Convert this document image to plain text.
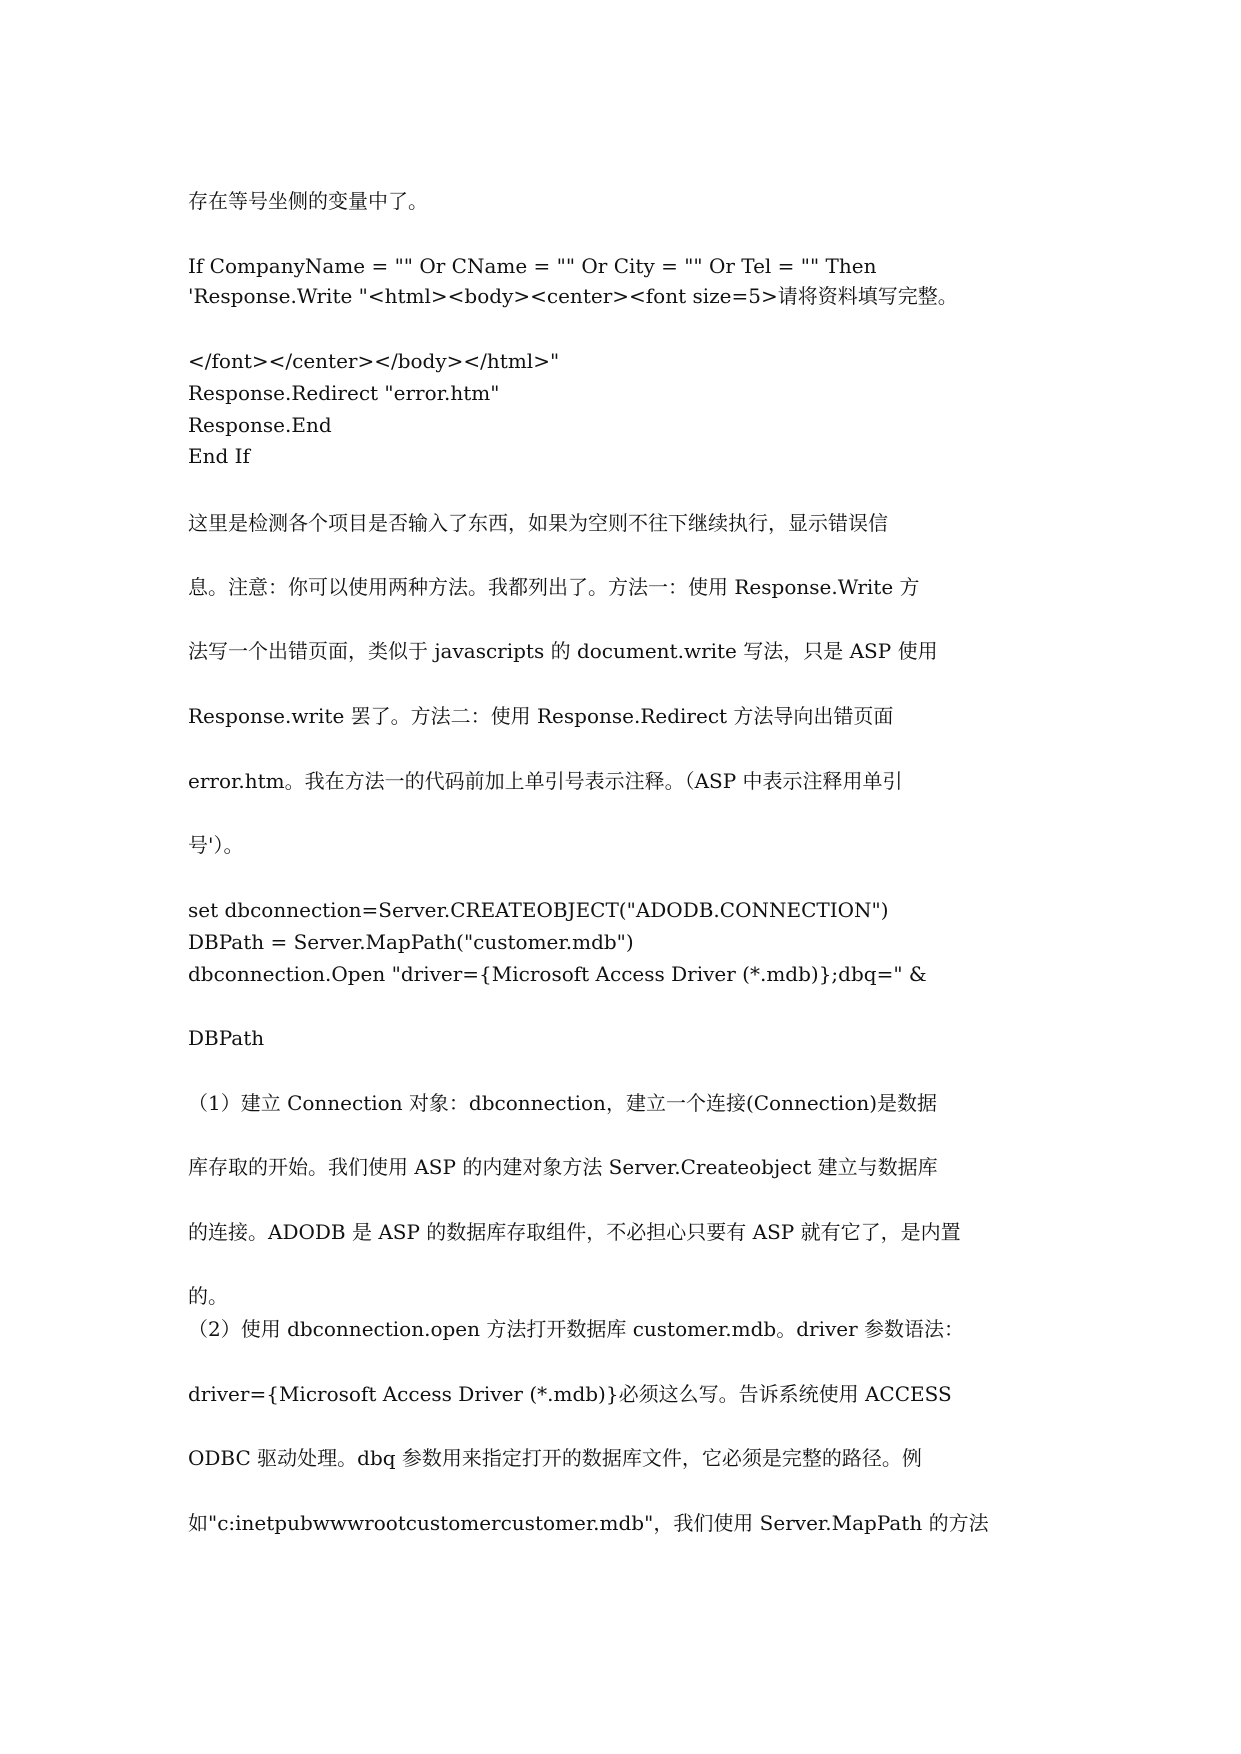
存在等号坐侧的变量中了。
If CompanyName = "" Or CName = "" Or City = "" Or Tel = "" Then
'Response.Write "<html><body><center><font size=5>请将资料填写完整。
</font></center></body></html>"
Response.Redirect "error.htm"
Response.End
End If
这里是检测各个项目是否输入了东西，如果为空则不往下继续执行，显示错误信
息。注意：你可以使用两种方法。我都列出了。方法一：使用 Response.Write 方
法写一个出错页面，类似于 javascripts 的 document.write 写法，只是 ASP 使用
Response.write 罢了。方法二：使用 Response.Redirect 方法导向出错页面
error.htm。我在方法一的代码前加上单引号表示注释。（ASP 中表示注释用单引
号'）。
set dbconnection=Server.CREATEOBJECT("ADODB.CONNECTION")
DBPath = Server.MapPath("customer.mdb")
dbconnection.Open "driver={Microsoft Access Driver (*.mdb)};dbq=" &
DBPath
（1）建立 Connection 对象：dbconnection，建立一个连接(Connection)是数据
库存取的开始。我们使用 ASP 的内建对象方法 Server.Createobject 建立与数据库
的连接。ADODB 是 ASP 的数据库存取组件，不必担心只要有 ASP 就有它了，是内置
的。
（2）使用 dbconnection.open 方法打开数据库 customer.mdb。driver 参数语法：
driver={Microsoft Access Driver (*.mdb)}必须这么写。告诉系统使用 ACCESS
ODBC 驱动处理。dbq 参数用来指定打开的数据库文件，它必须是完整的路径。例
如"c:inetpubwwwrootcustomercustomer.mdb"，我们使用 Server.MapPath 的方法
